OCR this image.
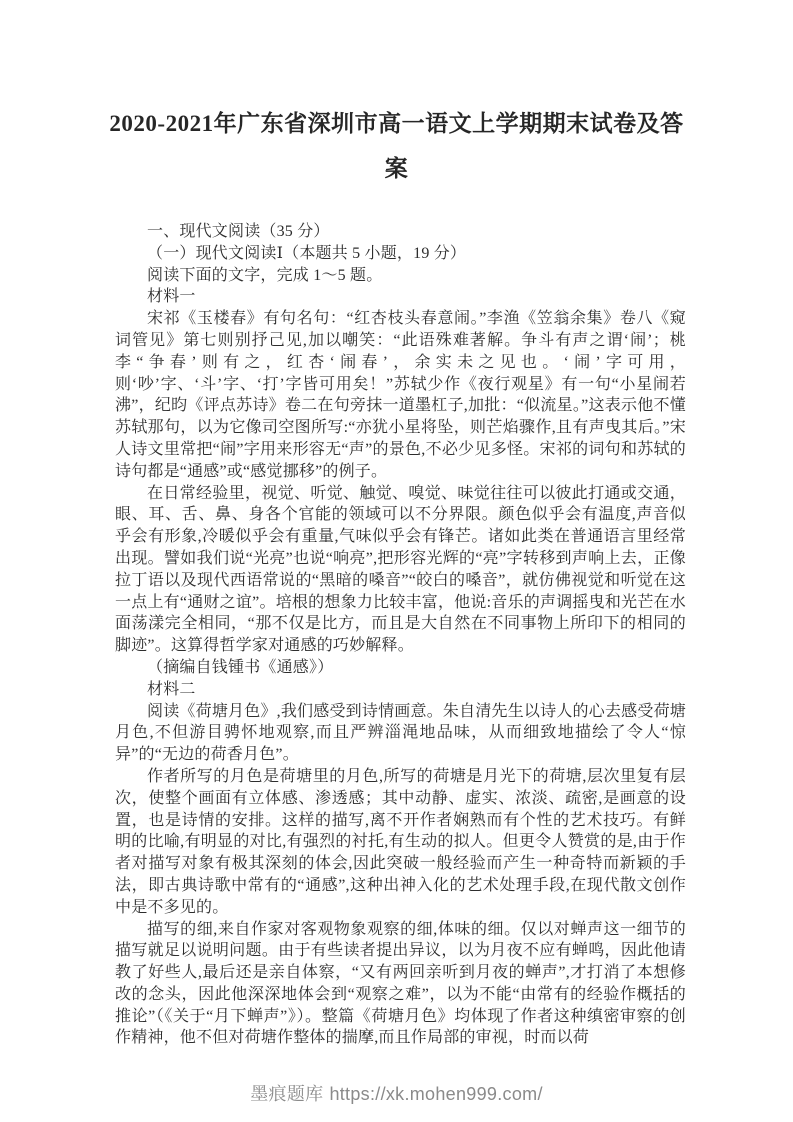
2020-2021年广东省深圳市高一语文上学期期末试卷及答案

一、现代文阅读（35 分）

（一）现代文阅读Ⅰ（本题共 5 小题，19 分）

阅读下面的文字，完成 1～5 题。

材料一

宋祁《玉楼春》有句名句：“红杏枝头春意闹。”李渔《笠翁余集》卷八《窥词管见》第七则别抒己见,加以嘲笑：“此语殊难著解。争斗有声之谓‘闹’；桃李“争春’则有之，红杏‘闹春’，余实未之见也。‘闹’字可用，则‘吵’字、‘斗’字、‘打’字皆可用矣！”苏轼少作《夜行观星》有一句“小星闹若沸”，纪昀《评点苏诗》卷二在句旁抹一道墨杠子,加批：“似流星。”这表示他不懂苏轼那句，以为它像司空图所写:“亦犹小星将坠，则芒焰骤作,且有声曳其后。”宋人诗文里常把“闹”字用来形容无“声”的景色,不必少见多怪。宋祁的词句和苏轼的诗句都是“通感”或“感觉挪移”的例子。

在日常经验里，视觉、听觉、触觉、嗅觉、味觉往往可以彼此打通或交通，眼、耳、舌、鼻、身各个官能的领域可以不分界限。颜色似乎会有温度,声音似乎会有形象,冷暖似乎会有重量,气味似乎会有锋芒。诸如此类在普通语言里经常出现。譬如我们说“光亮”也说“响亮”,把形容光辉的“亮”字转移到声响上去，正像拉丁语以及现代西语常说的“黑暗的嗓音”“皎白的嗓音”，就仿佛视觉和听觉在这一点上有“通财之谊”。培根的想象力比较丰富，他说:音乐的声调摇曳和光芒在水面荡漾完全相同，“那不仅是比方，而且是大自然在不同事物上所印下的相同的脚迹”。这算得哲学家对通感的巧妙解释。

（摘编自钱锺书《通感》）

材料二

阅读《荷塘月色》,我们感受到诗情画意。朱自清先生以诗人的心去感受荷塘月色,不但游目骋怀地观察,而且严辨淄渑地品味，从而细致地描绘了令人“惊异”的“无边的荷香月色”。

作者所写的月色是荷塘里的月色,所写的荷塘是月光下的荷塘,层次里复有层次，使整个画面有立体感、渗透感；其中动静、虚实、浓淡、疏密,是画意的设置，也是诗情的安排。这样的描写,离不开作者娴熟而有个性的艺术技巧。有鲜明的比喻,有明显的对比,有强烈的衬托,有生动的拟人。但更令人赞赏的是,由于作者对描写对象有极其深刻的体会,因此突破一般经验而产生一种奇特而新颖的手法，即古典诗歌中常有的“通感”,这种出神入化的艺术处理手段,在现代散文创作中是不多见的。

描写的细,来自作家对客观物象观察的细,体味的细。仅以对蝉声这一细节的描写就足以说明问题。由于有些读者提出异议，以为月夜不应有蝉鸣，因此他请教了好些人,最后还是亲自体察，“又有两回亲听到月夜的蝉声”,才打消了本想修改的念头，因此他深深地体会到“观察之难”，以为不能“由常有的经验作概括的推论”（《关于“月下蝉声”》）。整篇《荷塘月色》均体现了作者这种缜密审察的创作精神，他不但对荷塘作整体的揣摩,而且作局部的审视，时而以荷

墨痕题库 https://xk.mohen999.com/
